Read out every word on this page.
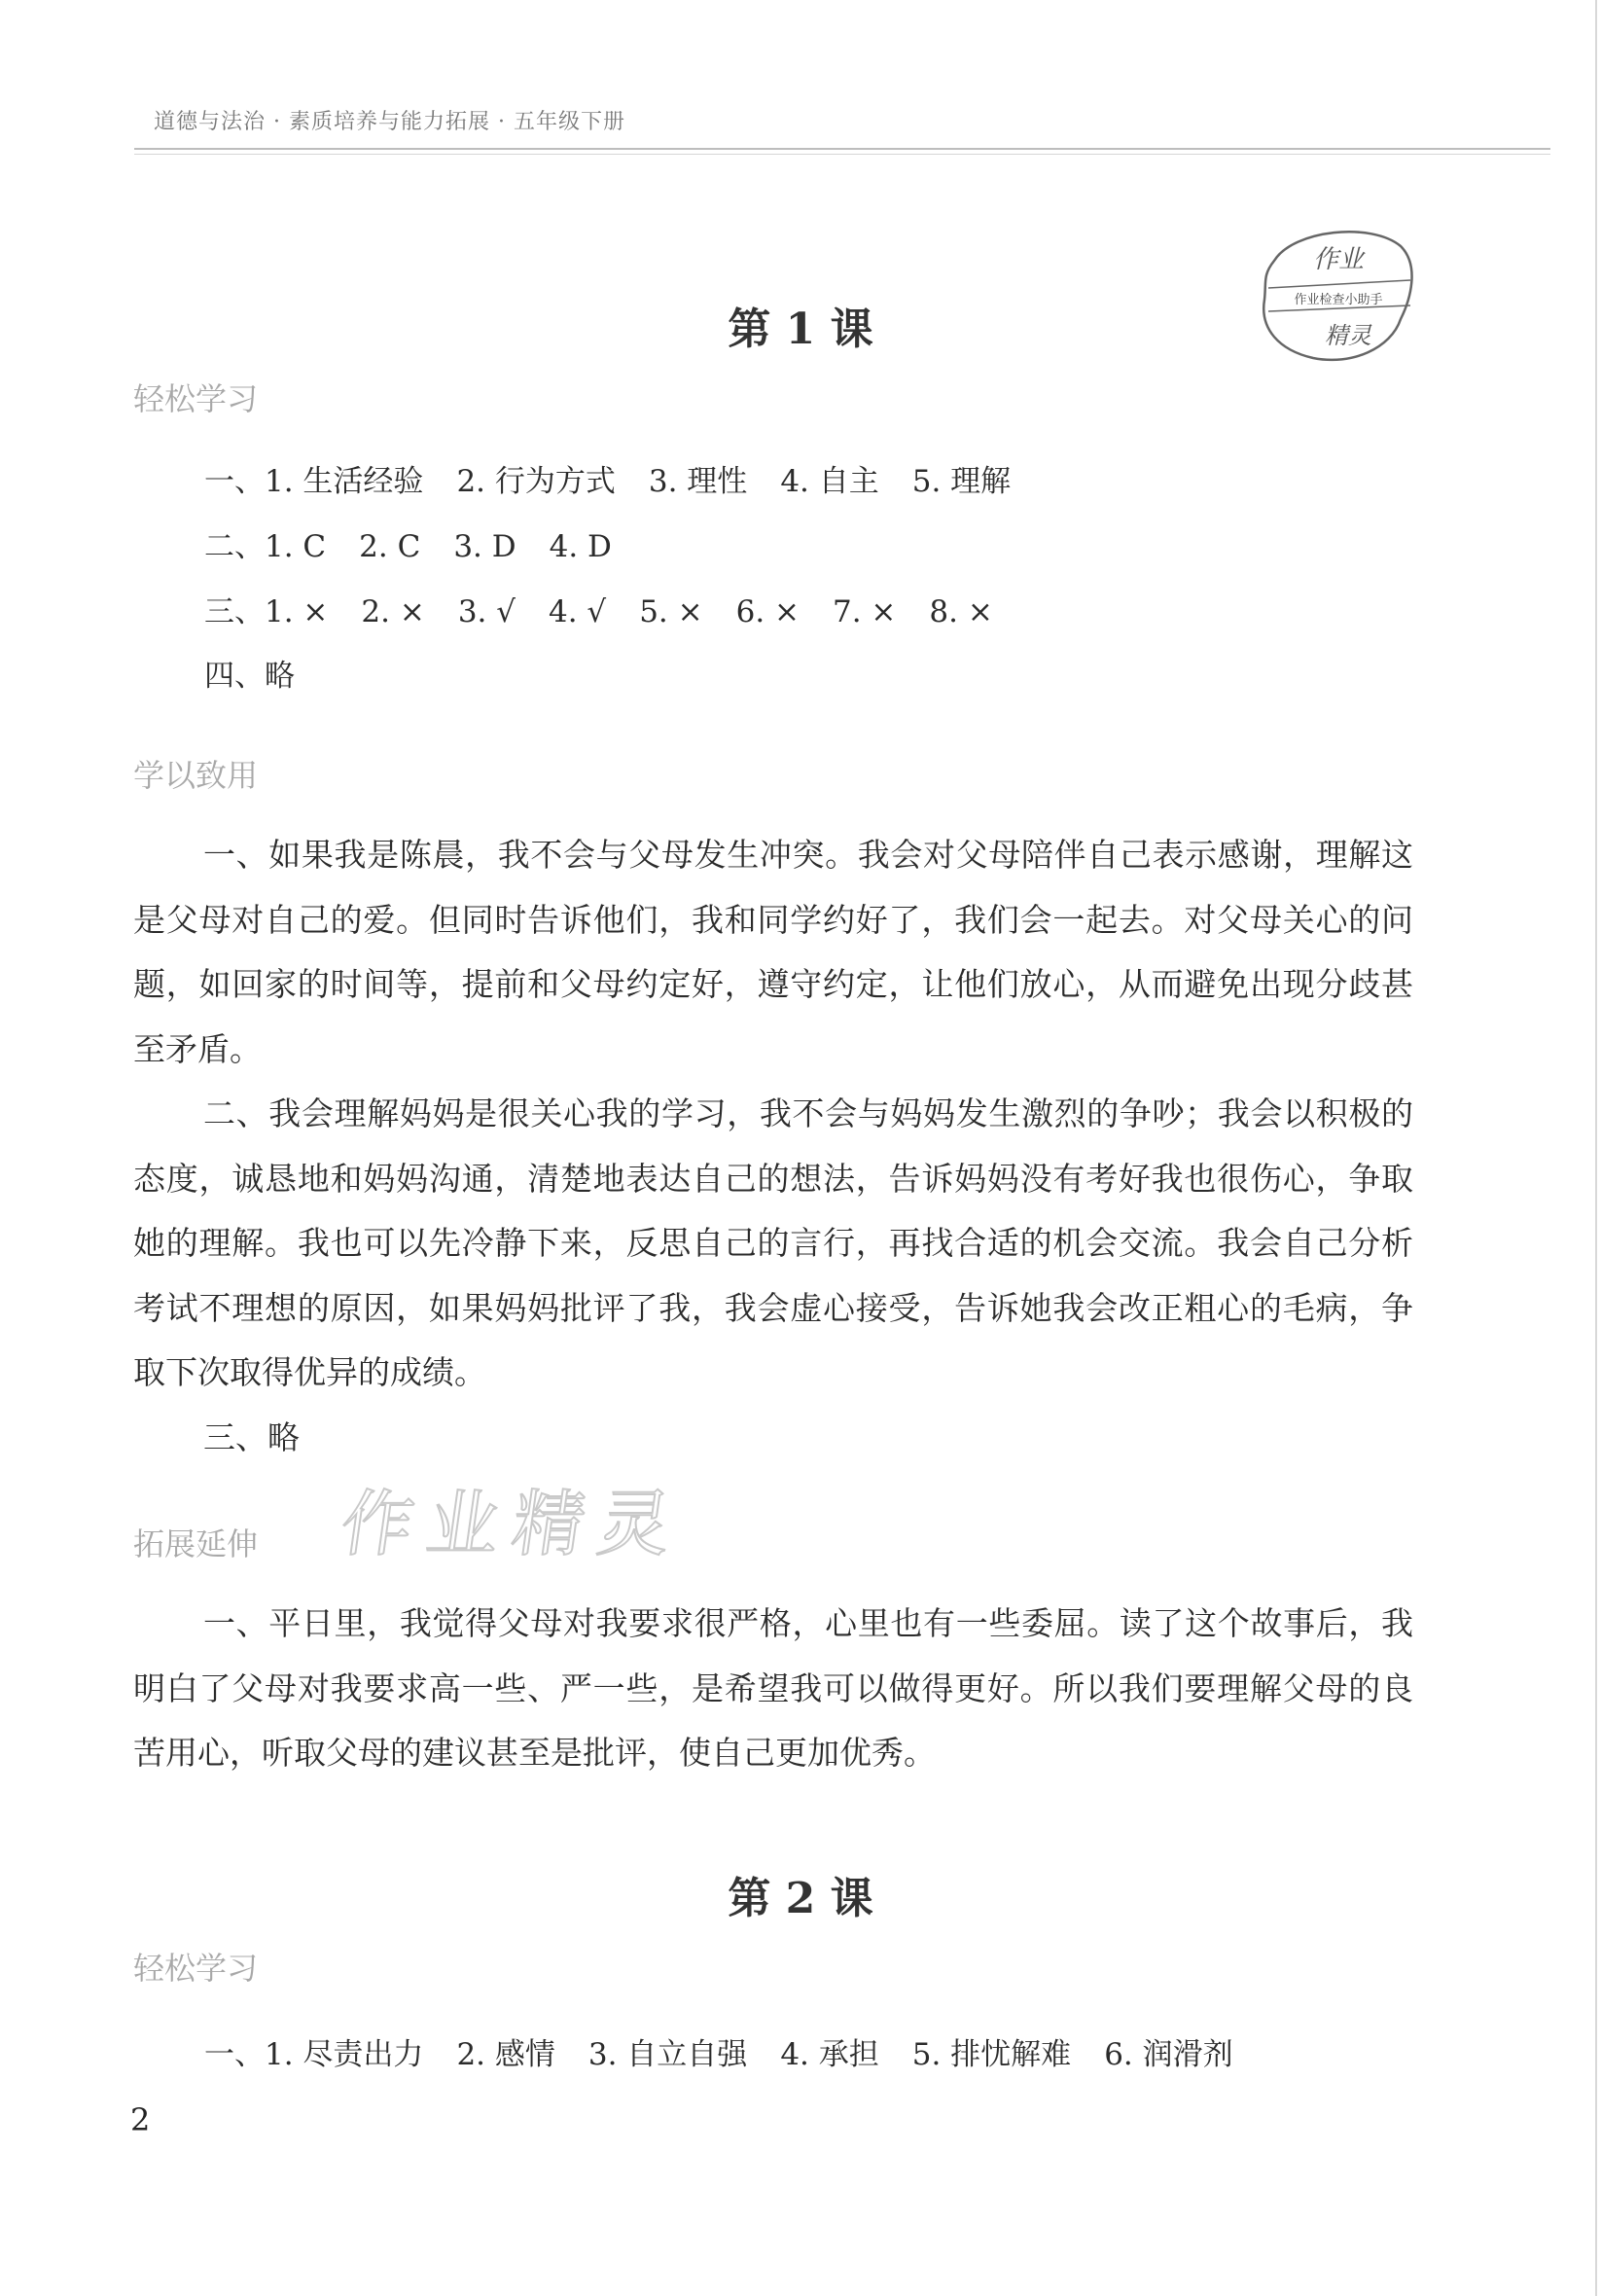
道德与法治 · 素质培养与能力拓展 · 五年级下册
作业
作业检查小助手
精灵
第 1 课
轻松学习
一、1. 生活经验 2. 行为方式 3. 理性 4. 自主 5. 理解
二、1. C 2. C 3. D 4. D
三、1. × 2. × 3. √ 4. √ 5. × 6. × 7. × 8. ×
四、略
学以致用

一、如果我是陈晨，我不会与父母发生冲突。我会对父母陪伴自己表示感谢，理解这是父母对自己的爱。但同时告诉他们，我和同学约好了，我们会一起去。对父母关心的问题，如回家的时间等，提前和父母约定好，遵守约定，让他们放心，从而避免出现分歧甚至矛盾。

二、我会理解妈妈是很关心我的学习，我不会与妈妈发生激烈的争吵；我会以积极的态度，诚恳地和妈妈沟通，清楚地表达自己的想法，告诉妈妈没有考好我也很伤心，争取她的理解。我也可以先冷静下来，反思自己的言行，再找合适的机会交流。我会自己分析考试不理想的原因，如果妈妈批评了我，我会虚心接受，告诉她我会改正粗心的毛病，争取下次取得优异的成绩。

三、略

拓展延伸 作业精灵

一、平日里，我觉得父母对我要求很严格，心里也有一些委屈。读了这个故事后，我明白了父母对我要求高一些、严一些，是希望我可以做得更好。所以我们要理解父母的良苦用心，听取父母的建议甚至是批评，使自己更加优秀。

第 2 课
轻松学习
一、1. 尽责出力 2. 感情 3. 自立自强 4. 承担 5. 排忧解难 6. 润滑剂
2
